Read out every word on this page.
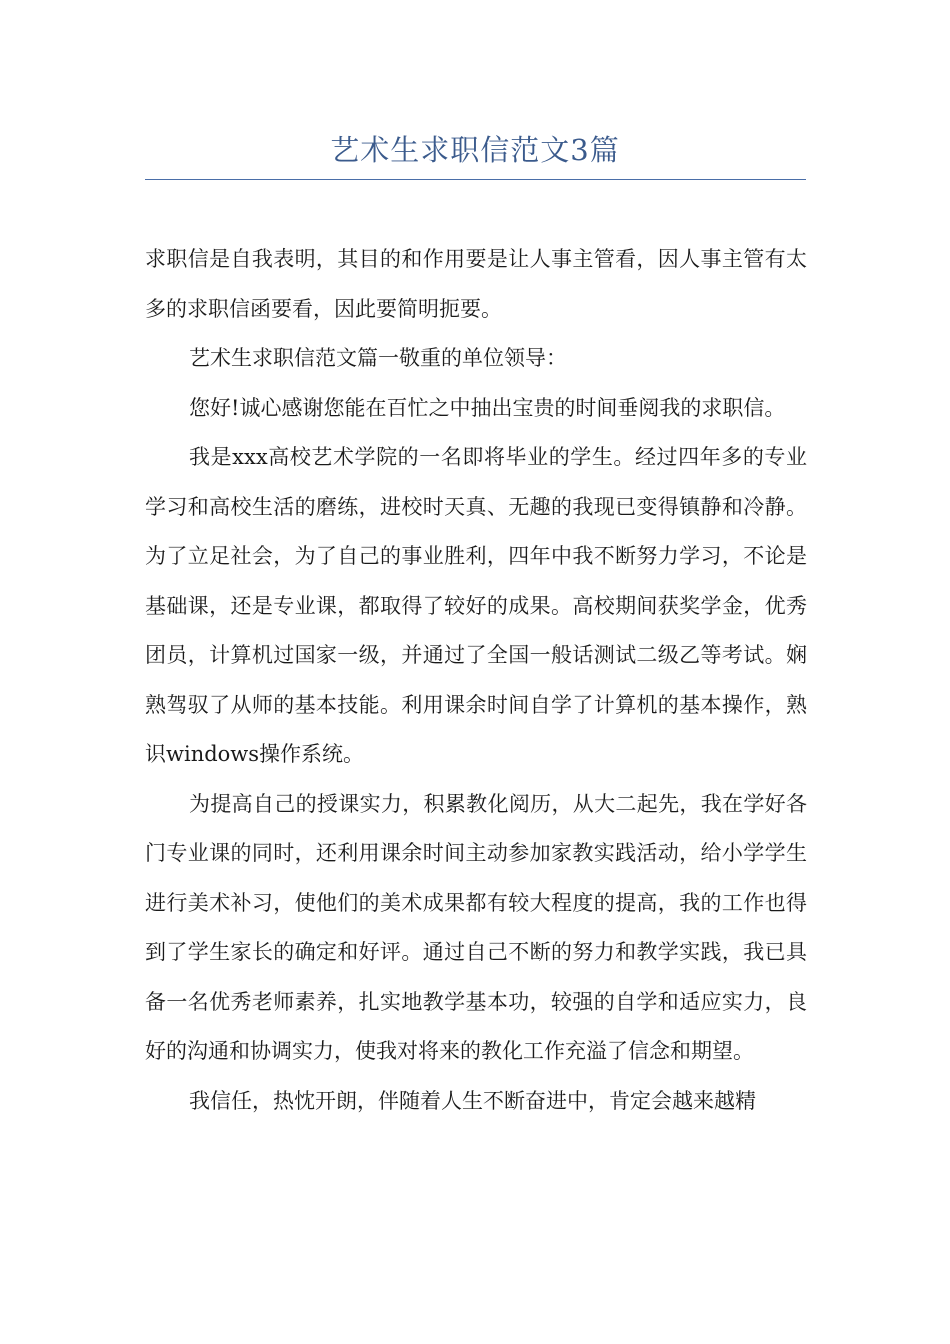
艺术生求职信范文3篇

求职信是自我表明，其目的和作用要是让人事主管看，因人事主管有太多的求职信函要看，因此要简明扼要。

艺术生求职信范文篇一敬重的单位领导：

您好!诚心感谢您能在百忙之中抽出宝贵的时间垂阅我的求职信。

我是xxx高校艺术学院的一名即将毕业的学生。经过四年多的专业学习和高校生活的磨练，进校时天真、无趣的我现已变得镇静和冷静。为了立足社会，为了自己的事业胜利，四年中我不断努力学习，不论是基础课，还是专业课，都取得了较好的成果。高校期间获奖学金，优秀团员，计算机过国家一级，并通过了全国一般话测试二级乙等考试。娴熟驾驭了从师的基本技能。利用课余时间自学了计算机的基本操作，熟识windows操作系统。

为提高自己的授课实力，积累教化阅历，从大二起先，我在学好各门专业课的同时，还利用课余时间主动参加家教实践活动，给小学学生进行美术补习，使他们的美术成果都有较大程度的提高，我的工作也得到了学生家长的确定和好评。通过自己不断的努力和教学实践，我已具备一名优秀老师素养，扎实地教学基本功，较强的自学和适应实力，良好的沟通和协调实力，使我对将来的教化工作充溢了信念和期望。

我信任，热忱开朗，伴随着人生不断奋进中，肯定会越来越精
